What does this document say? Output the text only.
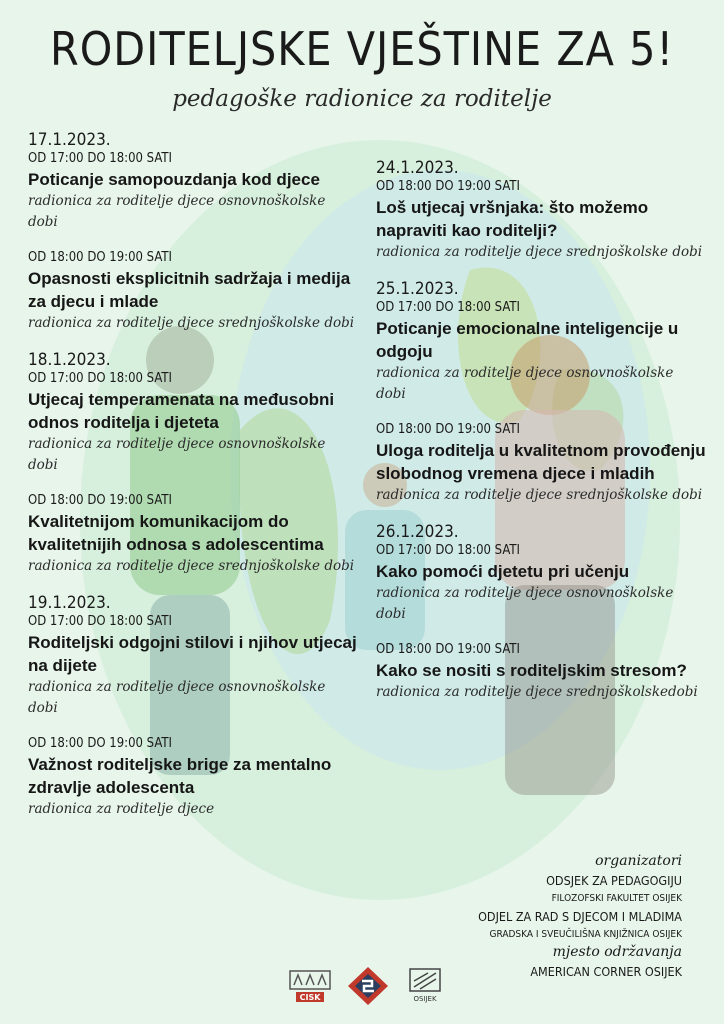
RODITELJSKE VJEŠTINE ZA 5!
pedagoške radionice za roditelje
17.1.2023.
OD 17:00 DO 18:00 SATI
Poticanje samopouzdanja kod djece
radionica za roditelje djece osnovnoškolske dobi
OD 18:00 DO 19:00 SATI
Opasnosti eksplicitnih sadržaja i medija za djecu i mlade
radionica za roditelje djece srednjoškolske dobi
18.1.2023.
OD 17:00 DO 18:00 SATI
Utjecaj temperamenata na međusobni odnos roditelja i djeteta
radionica za roditelje djece osnovnoškolske dobi
OD 18:00 DO 19:00 SATI
Kvalitetnijom komunikacijom do kvalitetnijih odnosa s adolescentima
radionica za roditelje djece srednjoškolske dobi
19.1.2023.
OD 17:00 DO 18:00 SATI
Roditeljski odgojni stilovi i njihov utjecaj na dijete
radionica za roditelje djece osnovnoškolske dobi
OD 18:00 DO 19:00 SATI
Važnost roditeljske brige za mentalno zdravlje adolescenta
radionica za roditelje djece
24.1.2023.
OD 18:00 DO 19:00 SATI
Loš utjecaj vršnjaka: što možemo napraviti kao roditelji?
radionica za roditelje djece srednjoškolske dobi
25.1.2023.
OD 17:00 DO 18:00 SATI
Poticanje emocionalne inteligencije u odgoju
radionica za roditelje djece osnovnoškolske dobi
OD 18:00 DO 19:00 SATI
Uloga roditelja u kvalitetnom provođenju slobodnog vremena djece i mladih
radionica za roditelje djece srednjoškolske dobi
26.1.2023.
OD 17:00 DO 18:00 SATI
Kako pomoći djetetu pri učenju
radionica za roditelje djece osnovnoškolske dobi
OD 18:00 DO 19:00 SATI
Kako se nositi s roditeljskim stresom?
radionica za roditelje djece srednjoškolskedobi
organizatori
ODSJEK ZA PEDAGOGIJU
FILOZOFSKI FAKULTET OSIJEK
ODJEL ZA RAD S DJECOM I MLADIMA
GRADSKA I SVEUČILIŠNA KNJIŽNICA OSIJEK
mjesto održavanja
AMERICAN CORNER OSIJEK
CISK	OSIJEK
